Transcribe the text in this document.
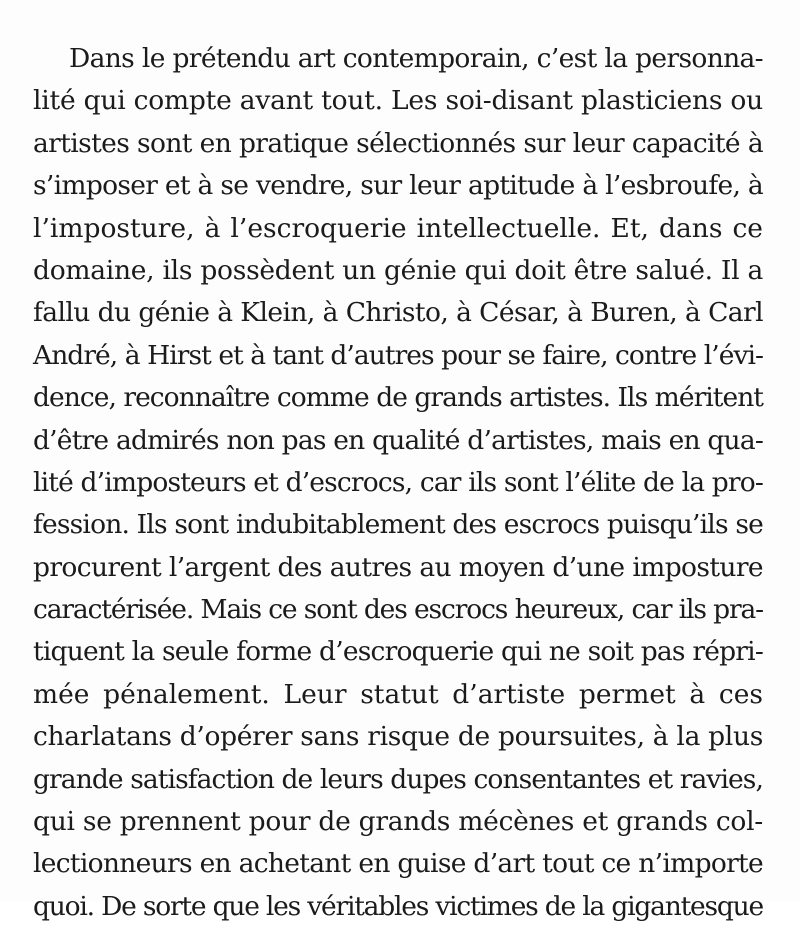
Dans le prétendu art contemporain, c’est la personna-
lité qui compte avant tout. Les soi-disant plasticiens ou
artistes sont en pratique sélectionnés sur leur capacité à
s’imposer et à se vendre, sur leur aptitude à l’esbroufe, à
l’imposture, à l’escroquerie intellectuelle. Et, dans ce
domaine, ils possèdent un génie qui doit être salué. Il a
fallu du génie à Klein, à Christo, à César, à Buren, à Carl
André, à Hirst et à tant d’autres pour se faire, contre l’évi-
dence, reconnaître comme de grands artistes. Ils méritent
d’être admirés non pas en qualité d’artistes, mais en qua-
lité d’imposteurs et d’escrocs, car ils sont l’élite de la pro-
fession. Ils sont indubitablement des escrocs puisqu’ils se
procurent l’argent des autres au moyen d’une imposture
caractérisée. Mais ce sont des escrocs heureux, car ils pra-
tiquent la seule forme d’escroquerie qui ne soit pas répri-
mée pénalement. Leur statut d’artiste permet à ces
charlatans d’opérer sans risque de poursuites, à la plus
grande satisfaction de leurs dupes consentantes et ravies,
qui se prennent pour de grands mécènes et grands col-
lectionneurs en achetant en guise d’art tout ce n’importe
quoi. De sorte que les véritables victimes de la gigantesque
